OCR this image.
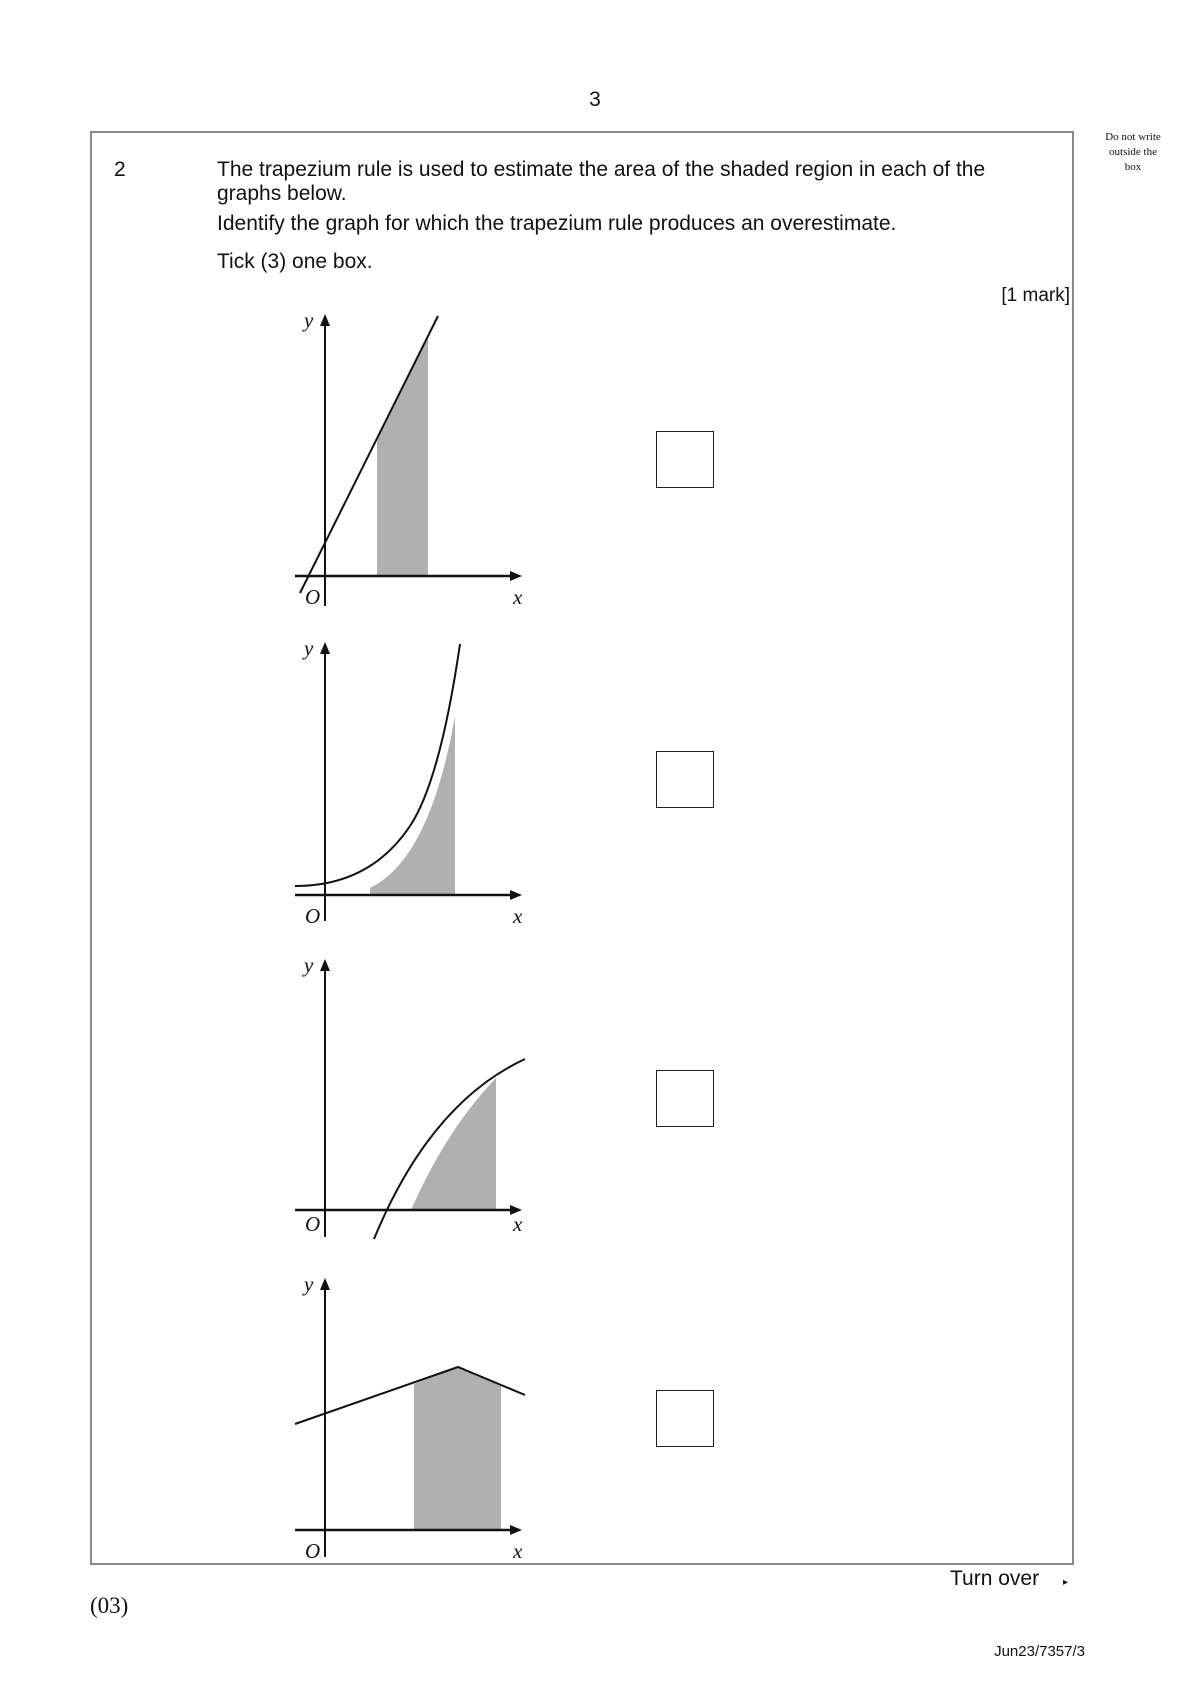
3
Do not write
outside the
box
2	The trapezium rule is used to estimate the area of the shaded region in each of the graphs below.
Identify the graph for which the trapezium rule produces an overestimate.
Tick (3) one box.
[1 mark]
y
O	x
y
O	x
y
O	x
y
O	x
Turn over ▸
(03)
Jun23/7357/3
